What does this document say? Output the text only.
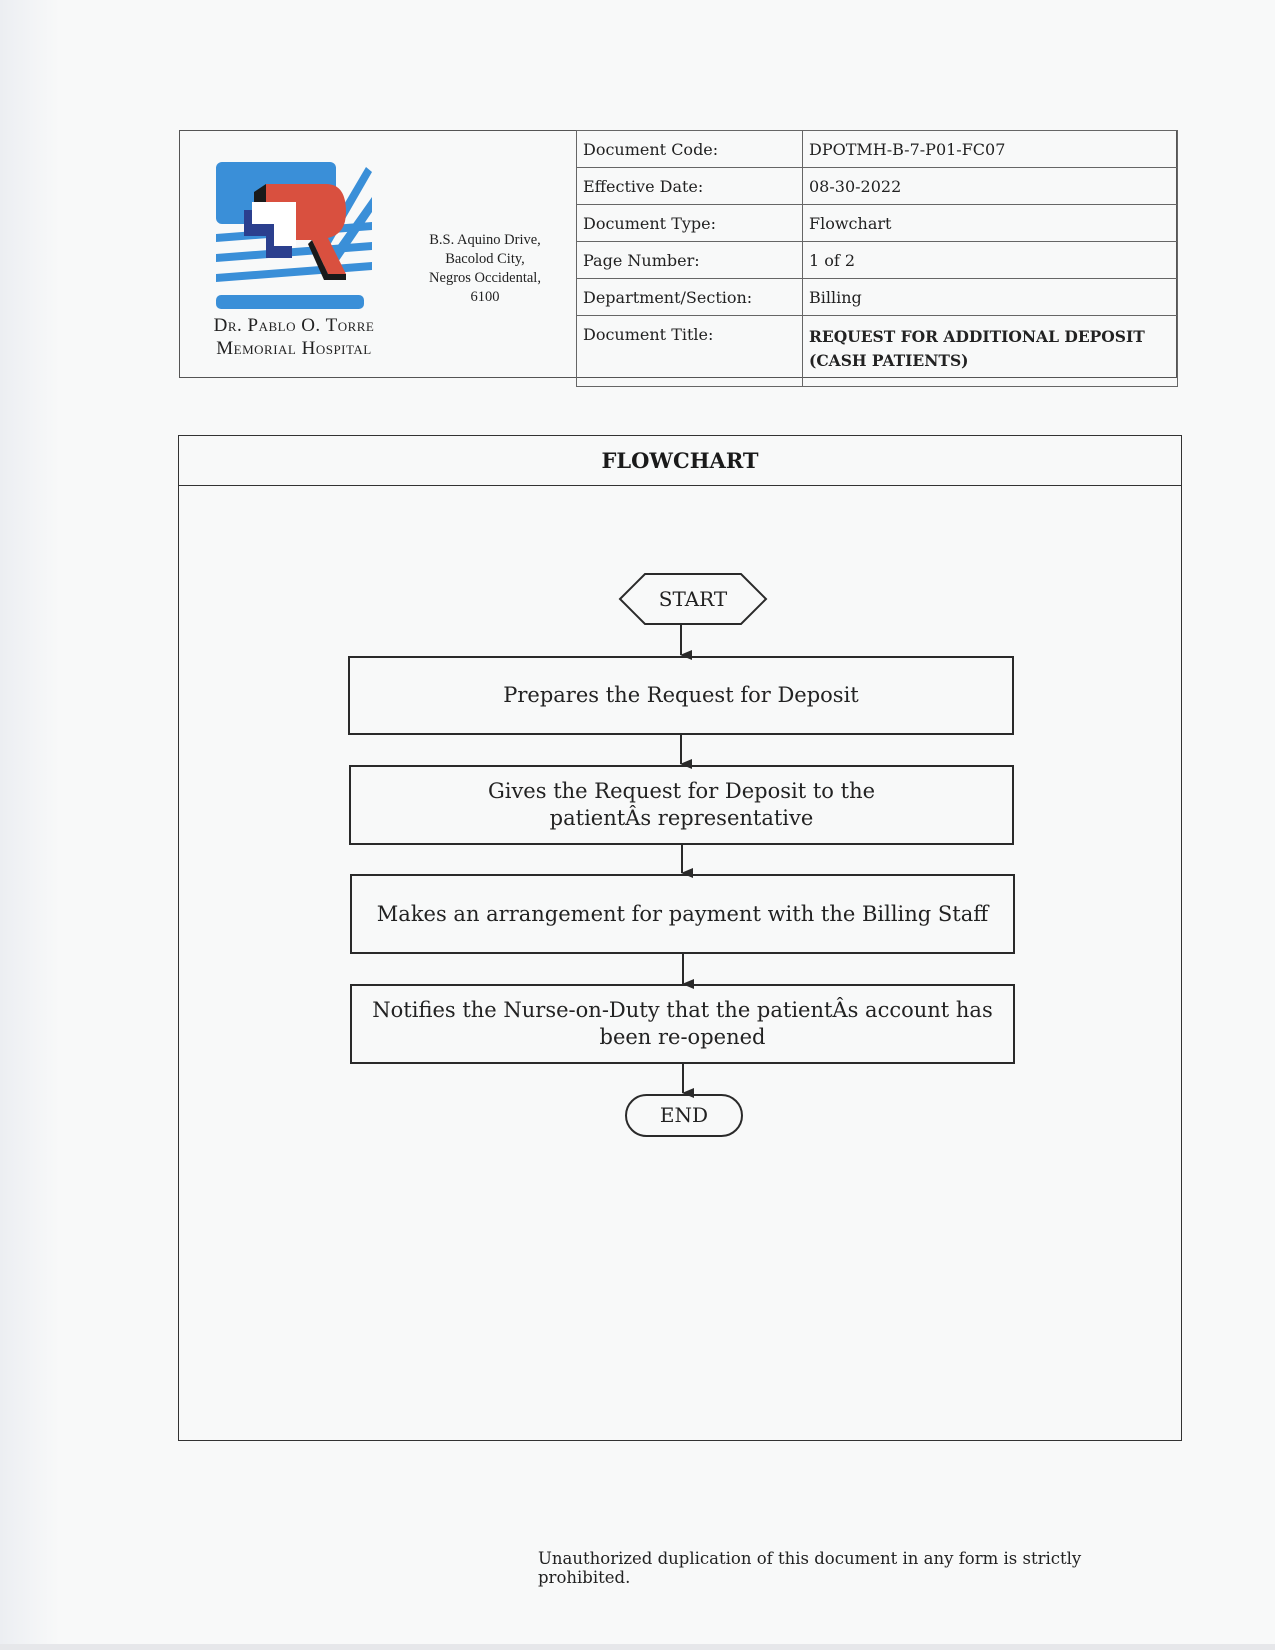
Dr. Pablo O. Torre
Memorial Hospital
B.S. Aquino Drive,
Bacolod City,
Negros Occidental,
6100
Document Code:	DPOTMH-B-7-P01-FC07
Effective Date:	08-30-2022
Document Type:	Flowchart
Page Number:	1 of 2
Department/Section:	Billing
Document Title:	REQUEST FOR ADDITIONAL DEPOSIT (CASH PATIENTS)
FLOWCHART
START
Prepares the Request for Deposit
Gives the Request for Deposit to the patientÂs representative
Makes an arrangement for payment with the Billing Staff
Notifies the Nurse-on-Duty that the patientÂs account has been re-opened
END
Unauthorized duplication of this document in any form is strictly prohibited.
